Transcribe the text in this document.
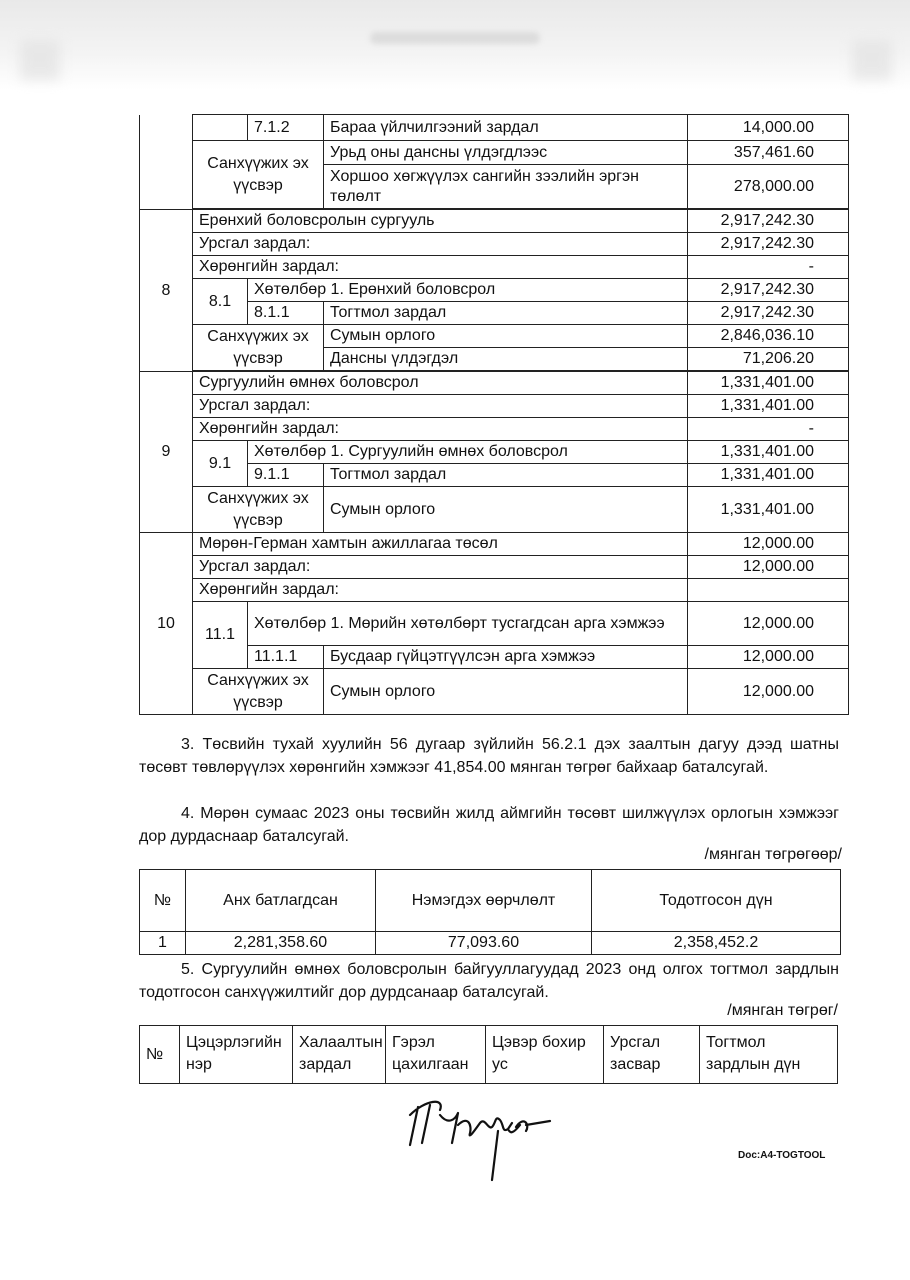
		7.1.2	Бараа үйлчилгээний зардал	14,000.00
	Санхүүжих эх үүсвэр		Урьд оны дансны үлдэгдлээс	357,461.60
			Хоршоо хөгжүүлэх сангийн зээлийн эргэн төлөлт	278,000.00

8	Ерөнхий боловсролын сургууль			2,917,242.30
	Урсгал зардал:			2,917,242.30
	Хөрөнгийн зардал:			-
	8.1	Хөтөлбөр 1. Ерөнхий боловсрол		2,917,242.30
		8.1.1	Тогтмол зардал	2,917,242.30
	Санхүүжих эх үүсвэр		Сумын орлого	2,846,036.10
			Дансны үлдэгдэл	71,206.20

9	Сургуулийн өмнөх боловсрол			1,331,401.00
	Урсгал зардал:			1,331,401.00
	Хөрөнгийн зардал:			-
	9.1	Хөтөлбөр 1. Сургуулийн өмнөх боловсрол		1,331,401.00
		9.1.1	Тогтмол зардал	1,331,401.00
	Санхүүжих эх үүсвэр		Сумын орлого	1,331,401.00
10	Мөрөн-Герман хамтын ажиллагаа төсөл			12,000.00
	Урсгал зардал:			12,000.00
	Хөрөнгийн зардал:			
	11.1	Хөтөлбөр 1. Мөрийн хөтөлбөрт тусгагдсан арга хэмжээ		12,000.00
		11.1.1	Бусдаар гүйцэтгүүлсэн арга хэмжээ	12,000.00
	Санхүүжих эх үүсвэр		Сумын орлого	12,000.00

3. Төсвийн тухай хуулийн 56 дугаар зүйлийн 56.2.1 дэх заалтын дагуу дээд шатны төсөвт төвлөрүүлэх хөрөнгийн хэмжээг 41,854.00 мянган төгрөг байхаар баталсугай.

4. Мөрөн сумаас 2023 оны төсвийн жилд аймгийн төсөвт шилжүүлэх орлогын хэмжээг дор дурдаснаар баталсугай.

/мянган төгрөгөөр/
№	Анх батлагдсан	Нэмэгдэх өөрчлөлт	Тодотгосон дүн
1	2,281,358.60	77,093.60	2,358,452.2

5. Сургуулийн өмнөх боловсролын байгууллагуудад 2023 онд олгох тогтмол зардлын тодотгосон санхүүжилтийг дор дурдсанаар баталсугай.

/мянган төгрөг/
№	Цэцэрлэгийн нэр	Халаалтын зардал	Гэрэл цахилгаан	Цэвэр бохир ус	Урсгал засвар	Тогтмол зардлын дүн
Doc:A4-TOGTOOL
